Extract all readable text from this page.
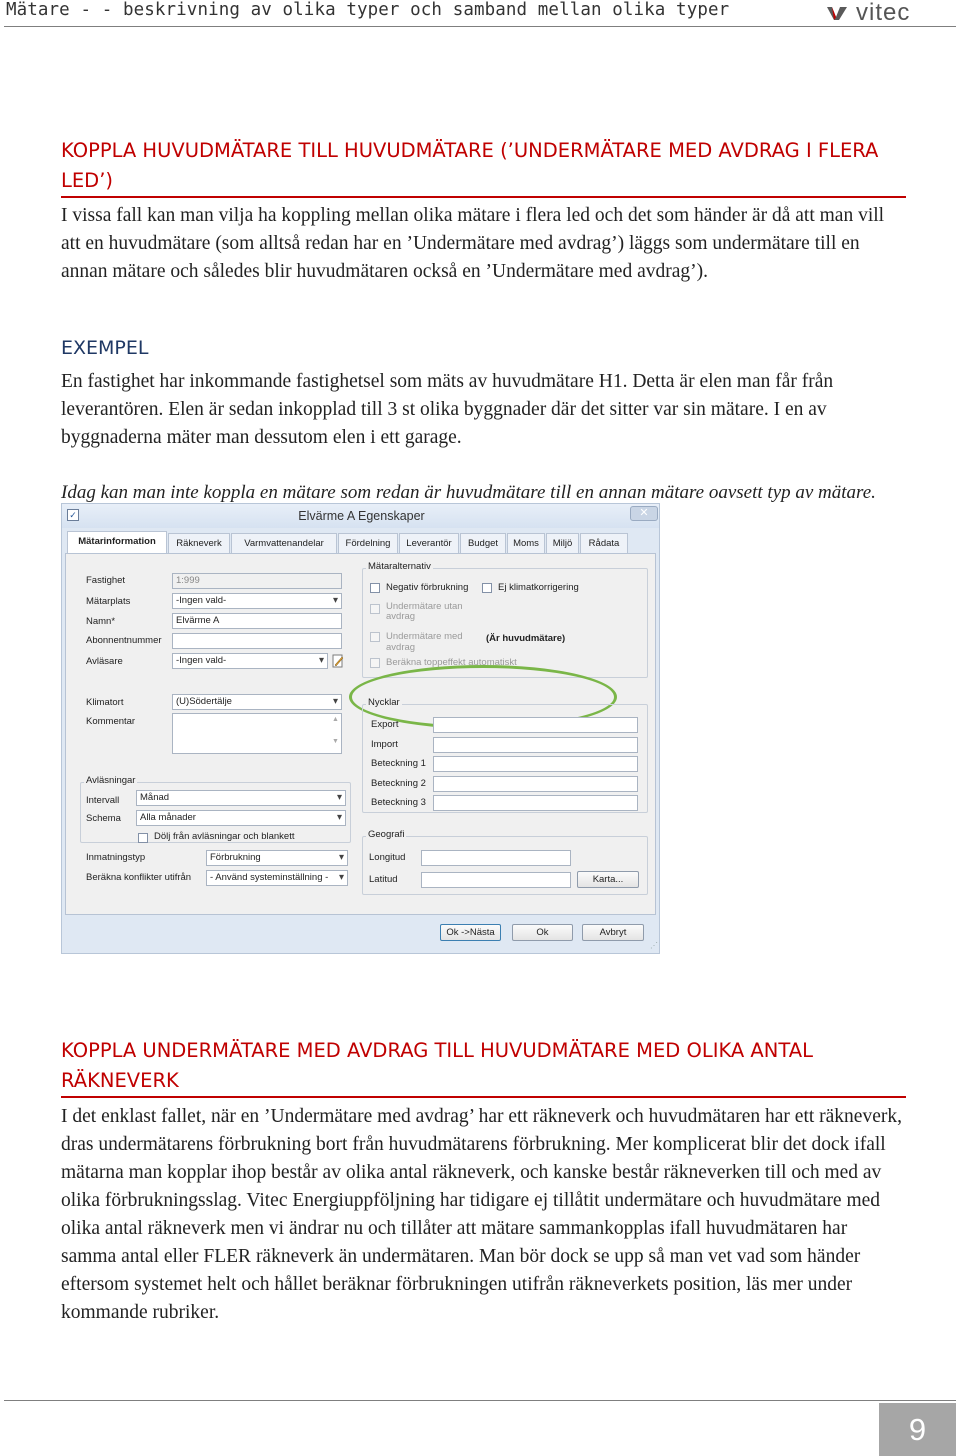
Mätare - - beskrivning av olika typer och samband mellan olika typer	vitec
KOPPLA HUVUDMÄTARE TILL HUVUDMÄTARE (’UNDERMÄTARE MED AVDRAG I FLERA LED’)
I vissa fall kan man vilja ha koppling mellan olika mätare i flera led och det som händer är då att man vill att en huvudmätare (som alltså redan har en ’Undermätare med avdrag’) läggs som undermätare till en annan mätare och således blir huvudmätaren också en ’Undermätare med avdrag’).
EXEMPEL
En fastighet har inkommande fastighetsel som mäts av huvudmätare H1. Detta är elen man får från leverantören. Elen är sedan inkopplad till 3 st olika byggnader där det sitter var sin mätare. I en av byggnaderna mäter man dessutom elen i ett garage.
Idag kan man inte koppla en mätare som redan är huvudmätare till en annan mätare oavsett typ av mätare.
✓	Elvärme A Egenskaper	✕
Mätarinformation	Räkneverk	Varmvattenandelar	Fördelning	Leverantör	Budget	Moms	Miljö	Rådata
Fastighet	1:999
Mätarplats	-Ingen vald- ▾
Namn*	Elvärme A
Abonnentnummer
Avläsare	-Ingen vald- ▾
Klimatort	(U)Södertälje ▾
Kommentar	▲

▼
Avläsningar
Intervall	Månad ▾
Schema	Alla månader ▾
Dölj från avläsningar och blankett
Inmatningstyp	Förbrukning ▾
Beräkna konflikter utifrån	- Använd systeminställning - ▾
Mätaralternativ
Negativ förbrukning	Ej klimatkorrigering
Undermätare utan avdrag
Undermätare med avdrag
(Är huvudmätare)
Beräkna toppeffekt automatiskt
Nycklar
Export
Import
Beteckning 1
Beteckning 2
Beteckning 3
Geografi
Longitud
Latitud	Karta...
Ok ->Nästa	Ok	Avbryt
⋰
KOPPLA UNDERMÄTARE MED AVDRAG TILL HUVUDMÄTARE MED OLIKA ANTAL RÄKNEVERK
I det enklast fallet, när en ’Undermätare med avdrag’ har ett räkneverk och huvudmätaren har ett räkneverk, dras undermätarens förbrukning bort från huvudmätarens förbrukning. Mer komplicerat blir det dock ifall mätarna man kopplar ihop består av olika antal räkneverk, och kanske består räkneverken till och med av olika förbrukningsslag. Vitec Energiuppföljning har tidigare ej tillåtit undermätare och huvudmätare med olika antal räkneverk men vi ändrar nu och tillåter att mätare sammankopplas ifall huvudmätaren har samma antal eller FLER räkneverk än undermätaren. Man bör dock se upp så man vet vad som händer eftersom systemet helt och hållet beräknar förbrukningen utifrån räkneverkets position, läs mer under kommande rubriker.
9
